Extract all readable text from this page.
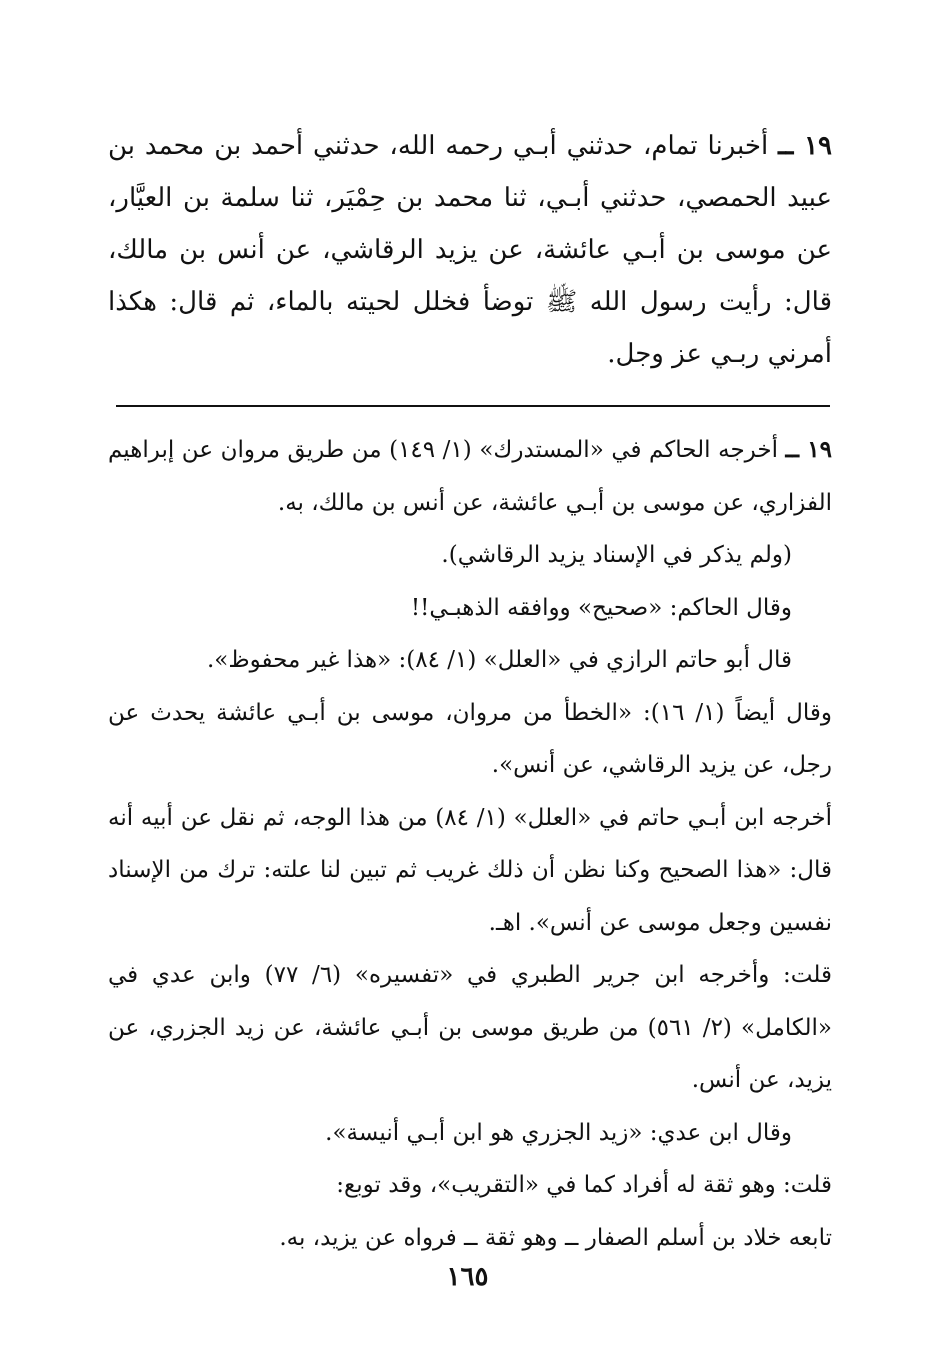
١٩ ــ أخبرنا تمام، حدثني أبـي رحمه الله، حدثني أحمد بن محمد بن عبيد الحمصي، حدثني أبـي، ثنا محمد بن حِمْيَر، ثنا سلمة بن العيَّار، عن موسى بن أبـي عائشة، عن يزيد الرقاشي، عن أنس بن مالك، قال: رأيت رسول الله ﷺ توضأ فخلل لحيته بالماء، ثم قال: هكذا أمرني ربـي عز وجل.

١٩ ــ أخرجه الحاكم في «المستدرك» (١/ ١٤٩) من طريق مروان عن إبراهيم الفزاري، عن موسى بن أبـي عائشة، عن أنس بن مالك، به.

(ولم يذكر في الإسناد يزيد الرقاشي).

وقال الحاكم: «صحيح» ووافقه الذهبـي!!

قال أبو حاتم الرازي في «العلل» (١/ ٨٤): «هذا غير محفوظ».

وقال أيضاً (١/ ١٦): «الخطأ من مروان، موسى بن أبـي عائشة يحدث عن رجل، عن يزيد الرقاشي، عن أنس».

أخرجه ابن أبـي حاتم في «العلل» (١/ ٨٤) من هذا الوجه، ثم نقل عن أبيه أنه قال: «هذا الصحيح وكنا نظن أن ذلك غريب ثم تبين لنا علته: ترك من الإسناد نفسين وجعل موسى عن أنس». اهـ.

قلت: وأخرجه ابن جرير الطبري في «تفسيره» (٦/ ٧٧) وابن عدي في «الكامل» (٢/ ٥٦١) من طريق موسى بن أبـي عائشة، عن زيد الجزري، عن يزيد، عن أنس.

وقال ابن عدي: «زيد الجزري هو ابن أبـي أنيسة».

قلت: وهو ثقة له أفراد كما في «التقريب»، وقد توبع:

تابعه خلاد بن أسلم الصفار ــ وهو ثقة ــ فرواه عن يزيد، به.

١٦٥
